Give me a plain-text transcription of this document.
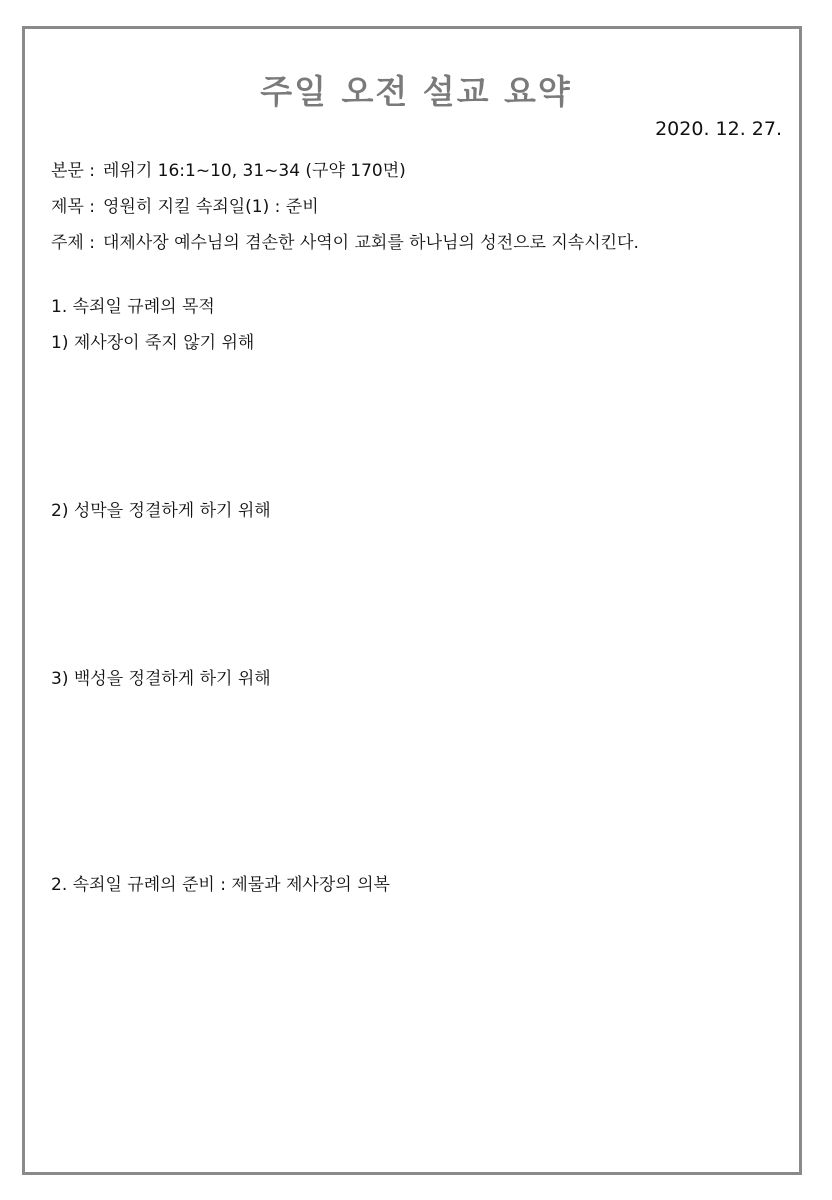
주일 오전 설교 요약
2020. 12. 27.
본문 : 레위기 16:1~10, 31~34 (구약 170면)
제목 : 영원히 지킬 속죄일(1) : 준비
주제 : 대제사장 예수님의 겸손한 사역이 교회를 하나님의 성전으로 지속시킨다.
1. 속죄일 규례의 목적
1) 제사장이 죽지 않기 위해
2) 성막을 정결하게 하기 위해
3) 백성을 정결하게 하기 위해
2. 속죄일 규례의 준비 : 제물과 제사장의 의복
